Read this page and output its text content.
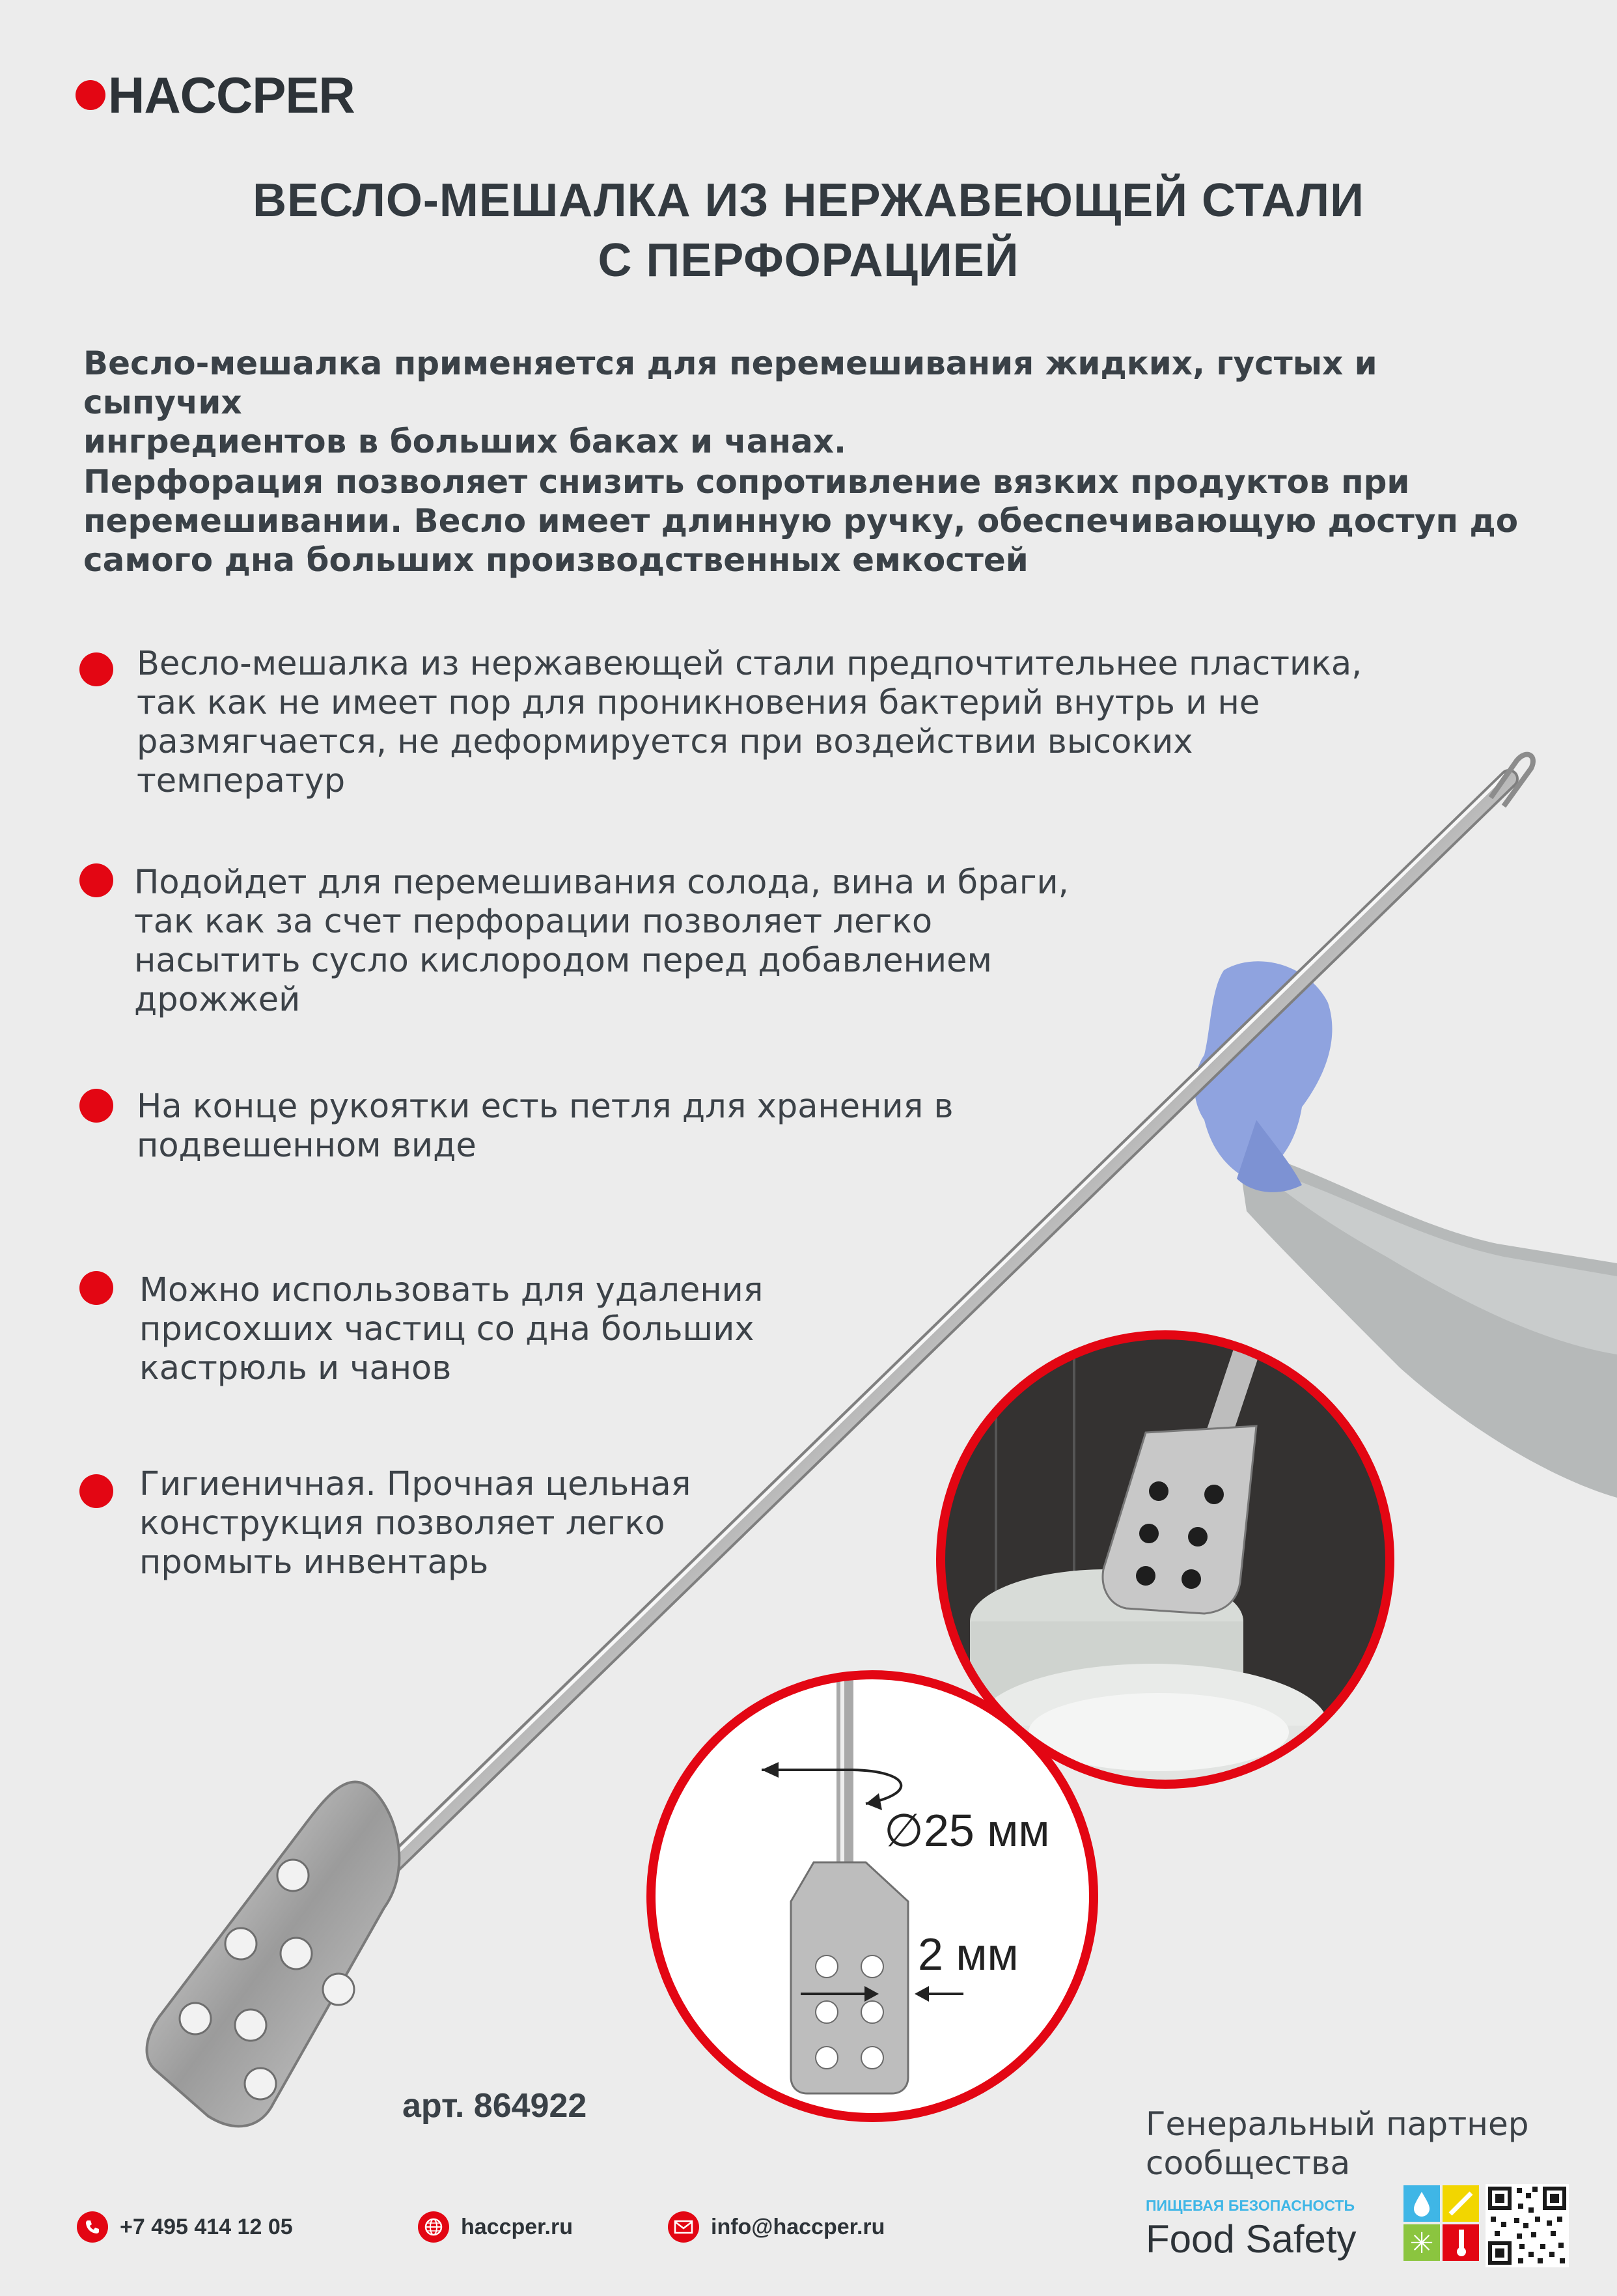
HACCPER
ВЕСЛО-МЕШАЛКА ИЗ НЕРЖАВЕЮЩЕЙ СТАЛИ
С ПЕРФОРАЦИЕЙ

Весло-мешалка применяется для перемешивания жидких, густых и сыпучих

ингредиентов в больших баках и чанах.

Перфорация позволяет снизить сопротивление вязких продуктов при

перемешивании. Весло имеет длинную ручку, обеспечивающую доступ до

самого дна больших производственных емкостей

∅25 мм
2 мм

Весло-мешалка из нержавеющей стали предпочтительнее пластика,

так как не имеет пор для проникновения бактерий внутрь и не

размягчается, не деформируется при воздействии высоких

температур

Подойдет для перемешивания солода, вина и браги,

так как за счет перфорации позволяет легко

насытить сусло кислородом перед добавлением

дрожжей

На конце рукоятки есть петля для хранения в

подвешенном виде

Можно использовать для удаления

присохших частиц со дна больших

кастрюль и чанов

Гигиеничная. Прочная цельная

конструкция позволяет легко

промыть инвентарь

арт. 864922	Генеральный партнер
сообщества
ПИЩЕВАЯ БЕЗОПАСНОСТЬ
Food Safety ✳
+7 495 414 12 05	haccper.ru	info@haccper.ru
